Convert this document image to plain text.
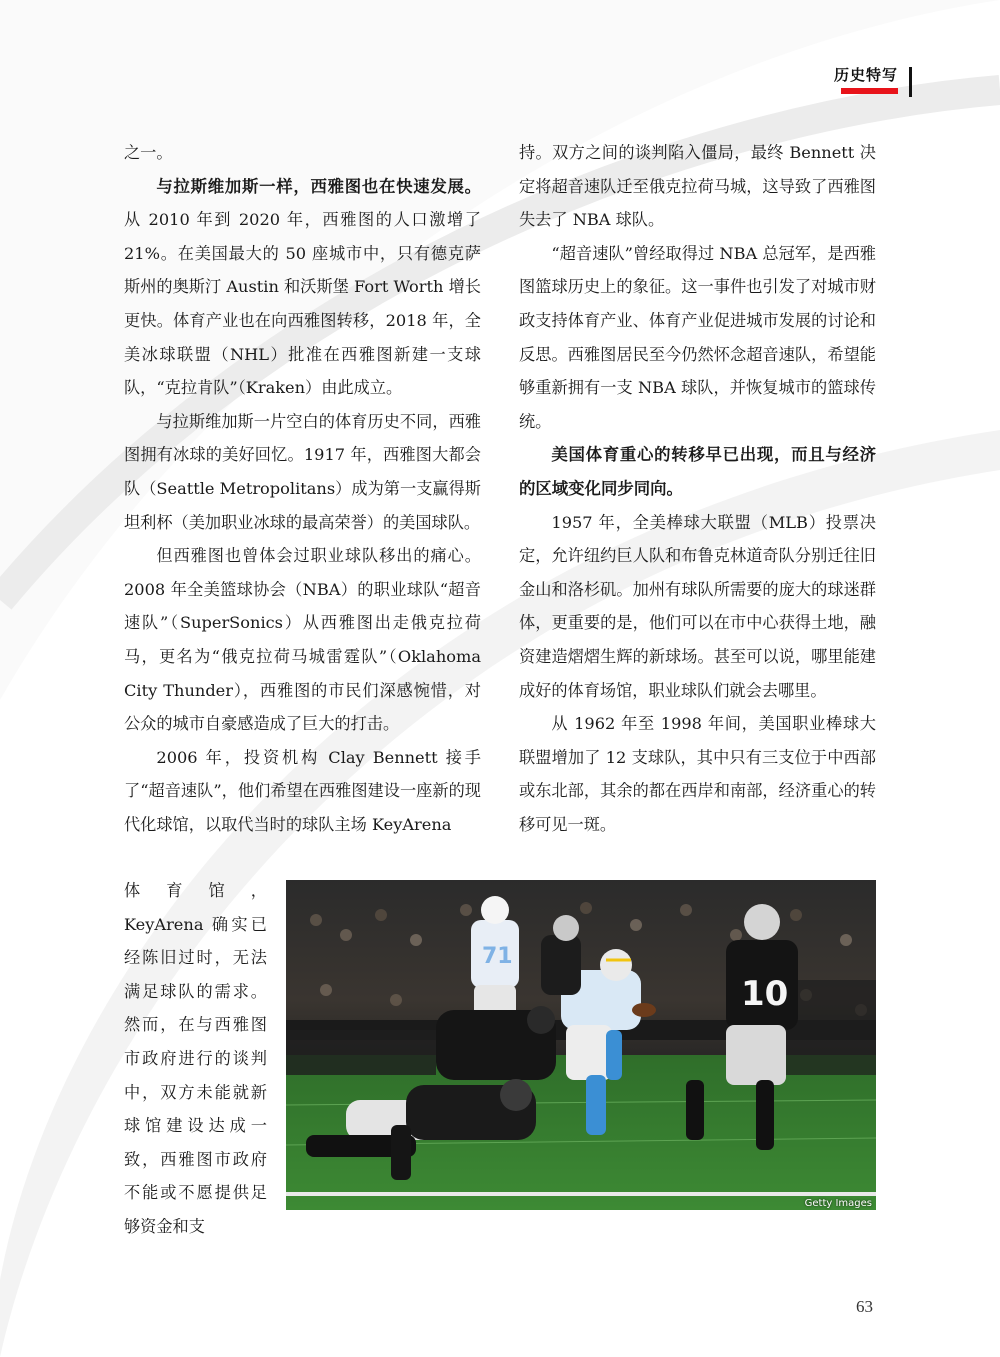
历史特写

之一。

与拉斯维加斯一样，西雅图也在快速发展。从 2010 年到 2020 年，西雅图的人口激增了 21%。在美国最大的 50 座城市中，只有德克萨斯州的奥斯汀 Austin 和沃斯堡 Fort Worth 增长更快。体育产业也在向西雅图转移，2018 年，全美冰球联盟（NHL）批准在西雅图新建一支球队，“克拉肯队”（Kraken）由此成立。

与拉斯维加斯一片空白的体育历史不同，西雅图拥有冰球的美好回忆。1917 年，西雅图大都会队（Seattle Metropolitans）成为第一支赢得斯坦利杯（美加职业冰球的最高荣誉）的美国球队。

但西雅图也曾体会过职业球队移出的痛心。2008 年全美篮球协会（NBA）的职业球队“超音速队”（SuperSonics）从西雅图出走俄克拉荷马，更名为“俄克拉荷马城雷霆队”（Oklahoma City Thunder），西雅图的市民们深感惋惜，对公众的城市自豪感造成了巨大的打击。

2006 年，投资机构 Clay Bennett 接手了“超音速队”，他们希望在西雅图建设一座新的现代化球馆，以取代当时的球队主场 KeyArena

体育馆，KeyArena 确实已经陈旧过时，无法满足球队的需求。然而，在与西雅图市政府进行的谈判中，双方未能就新球馆建设达成一致，西雅图市政府不能或不愿提供足够资金和支

持。双方之间的谈判陷入僵局，最终 Bennett 决定将超音速队迁至俄克拉荷马城，这导致了西雅图失去了 NBA 球队。

“超音速队”曾经取得过 NBA 总冠军，是西雅图篮球历史上的象征。这一事件也引发了对城市财政支持体育产业、体育产业促进城市发展的讨论和反思。西雅图居民至今仍然怀念超音速队，希望能够重新拥有一支 NBA 球队，并恢复城市的篮球传统。

美国体育重心的转移早已出现，而且与经济的区域变化同步同向。

1957 年，全美棒球大联盟（MLB）投票决定，允许纽约巨人队和布鲁克林道奇队分别迁往旧金山和洛杉矶。加州有球队所需要的庞大的球迷群体，更重要的是，他们可以在市中心获得土地，融资建造熠熠生辉的新球场。甚至可以说，哪里能建成好的体育场馆，职业球队们就会去哪里。

从 1962 年至 1998 年间，美国职业棒球大联盟增加了 12 支球队，其中只有三支位于中西部或东北部，其余的都在西岸和南部，经济重心的转移可见一斑。

71
10
Getty Images
63
